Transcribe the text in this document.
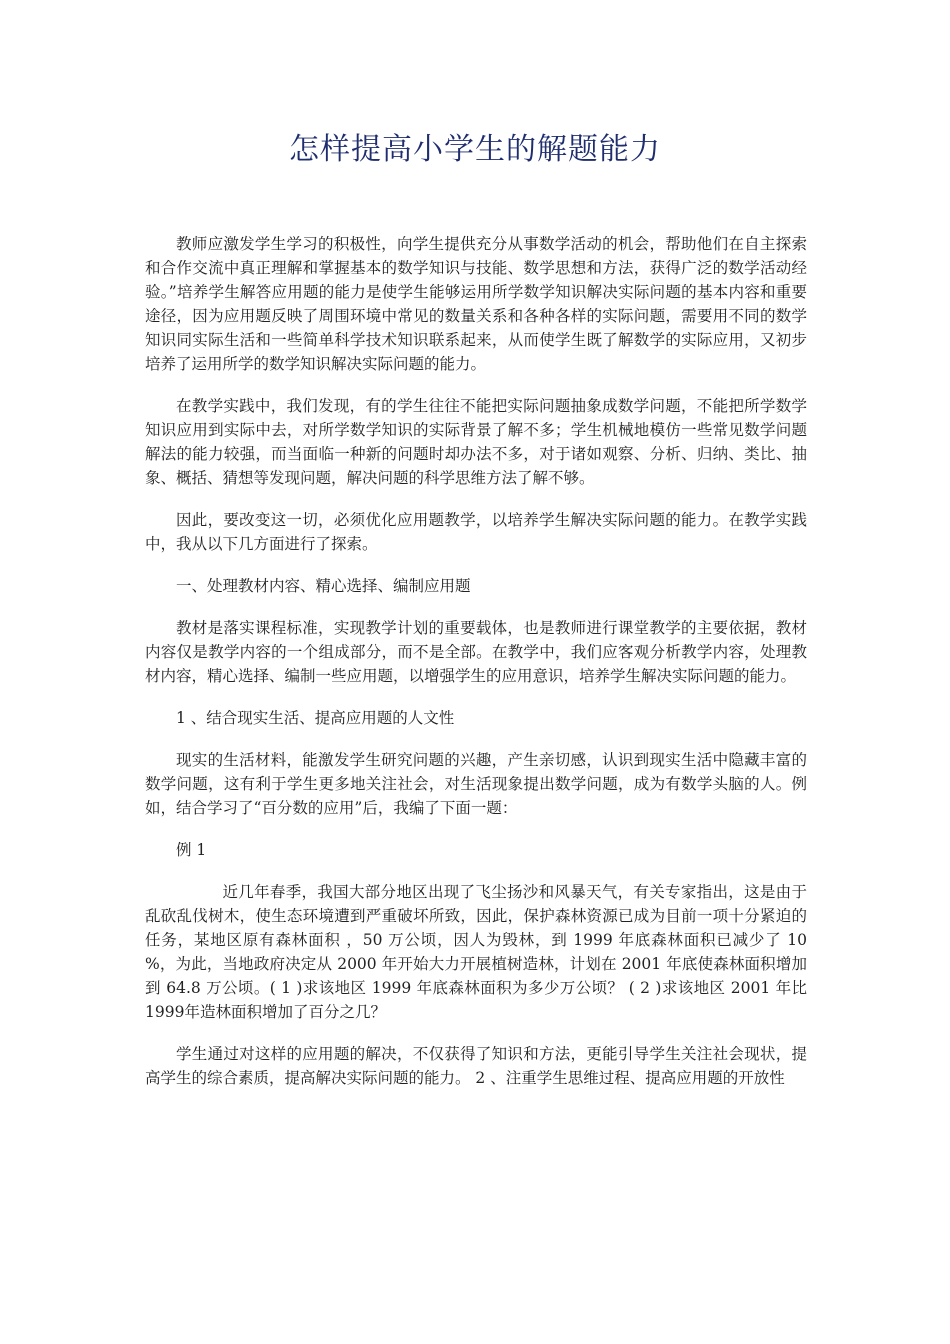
怎样提高小学生的解题能力

教师应激发学生学习的积极性，向学生提供充分从事数学活动的机会，帮助他们在自主探索和合作交流中真正理解和掌握基本的数学知识与技能、数学思想和方法，获得广泛的数学活动经验。”培养学生解答应用题的能力是使学生能够运用所学数学知识解决实际问题的基本内容和重要途径，因为应用题反映了周围环境中常见的数量关系和各种各样的实际问题，需要用不同的数学知识同实际生活和一些简单科学技术知识联系起来，从而使学生既了解数学的实际应用，又初步培养了运用所学的数学知识解决实际问题的能力。

在教学实践中，我们发现，有的学生往往不能把实际问题抽象成数学问题，不能把所学数学知识应用到实际中去，对所学数学知识的实际背景了解不多；学生机械地模仿一些常见数学问题解法的能力较强，而当面临一种新的问题时却办法不多，对于诸如观察、分析、归纳、类比、抽象、概括、猜想等发现问题，解决问题的科学思维方法了解不够。

因此，要改变这一切，必须优化应用题教学，以培养学生解决实际问题的能力。在教学实践中，我从以下几方面进行了探索。

一、处理教材内容、精心选择、编制应用题

教材是落实课程标准，实现教学计划的重要载体，也是教师进行课堂教学的主要依据，教材内容仅是教学内容的一个组成部分，而不是全部。在教学中，我们应客观分析教学内容，处理教材内容，精心选择、编制一些应用题，以增强学生的应用意识，培养学生解决实际问题的能力。

1 、结合现实生活、提高应用题的人文性

现实的生活材料，能激发学生研究问题的兴趣，产生亲切感，认识到现实生活中隐藏丰富的数学问题，这有利于学生更多地关注社会，对生活现象提出数学问题，成为有数学头脑的人。例如，结合学习了“百分数的应用”后，我编了下面一题：

例 1

近几年春季，我国大部分地区出现了飞尘扬沙和风暴天气，有关专家指出，这是由于乱砍乱伐树木，使生态环境遭到严重破坏所致，因此，保护森林资源已成为目前一项十分紧迫的任务，某地区原有森林面积 ，50 万公顷，因人为毁林，到 1999 年底森林面积已减少了 10 %，为此，当地政府决定从 2000 年开始大力开展植树造林，计划在 2001 年底使森林面积增加到 64.8 万公顷。( 1 )求该地区 1999 年底森林面积为多少万公顷？ ( 2 )求该地区 2001 年比 1999年造林面积增加了百分之几？

学生通过对这样的应用题的解决，不仅获得了知识和方法，更能引导学生关注社会现状，提高学生的综合素质，提高解决实际问题的能力。 2 、注重学生思维过程、提高应用题的开放性
